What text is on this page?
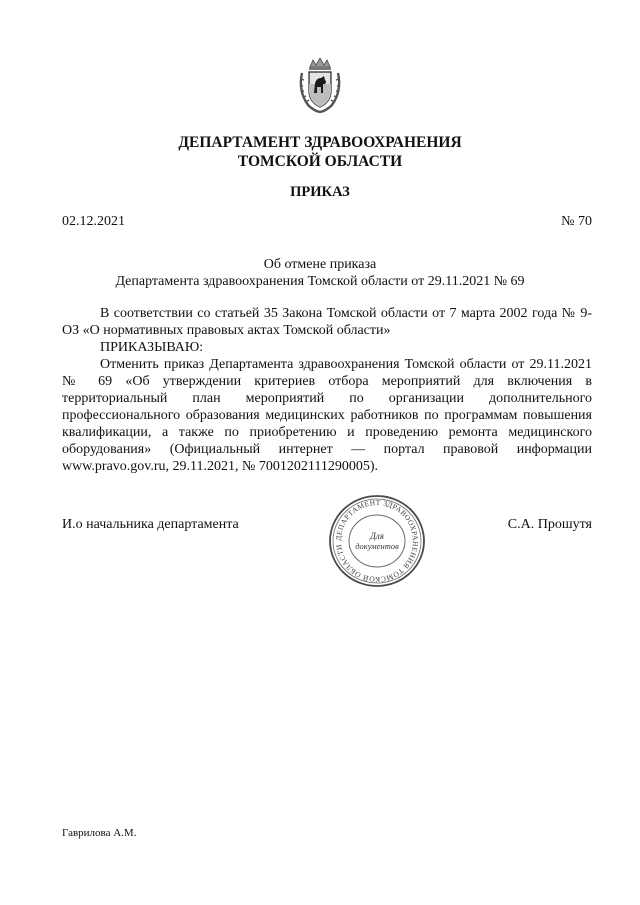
ДЕПАРТАМЕНТ ЗДРАВООХРАНЕНИЯ
ТОМСКОЙ ОБЛАСТИ
ПРИКАЗ
02.12.2021	№ 70
Об отмене приказа
Департамента здравоохранения Томской области от 29.11.2021 № 69

В соответствии со статьей 35 Закона Томской области от 7 марта 2002 года № 9-ОЗ «О нормативных правовых актах Томской области»

ПРИКАЗЫВАЮ:

Отменить приказ Департамента здравоохранения Томской области от 29.11.2021 № 69 «Об утверждении критериев отбора мероприятий для включения в территориальный план мероприятий по организации дополнительного профессионального образования медицинских работников по программам повышения квалификации, а также по приобретению и проведению ремонта медицинского оборудования» (Официальный интернет — портал правовой информации www.pravo.gov.ru, 29.11.2021, № 7001202111290005).

И.о начальника департамента	С.А. Прошутя
ДЕПАРТАМЕНТ ЗДРАВООХРАНЕНИЯ ТОМСКОЙ ОБЛАСТИ
Для
документов
Гаврилова А.М.
